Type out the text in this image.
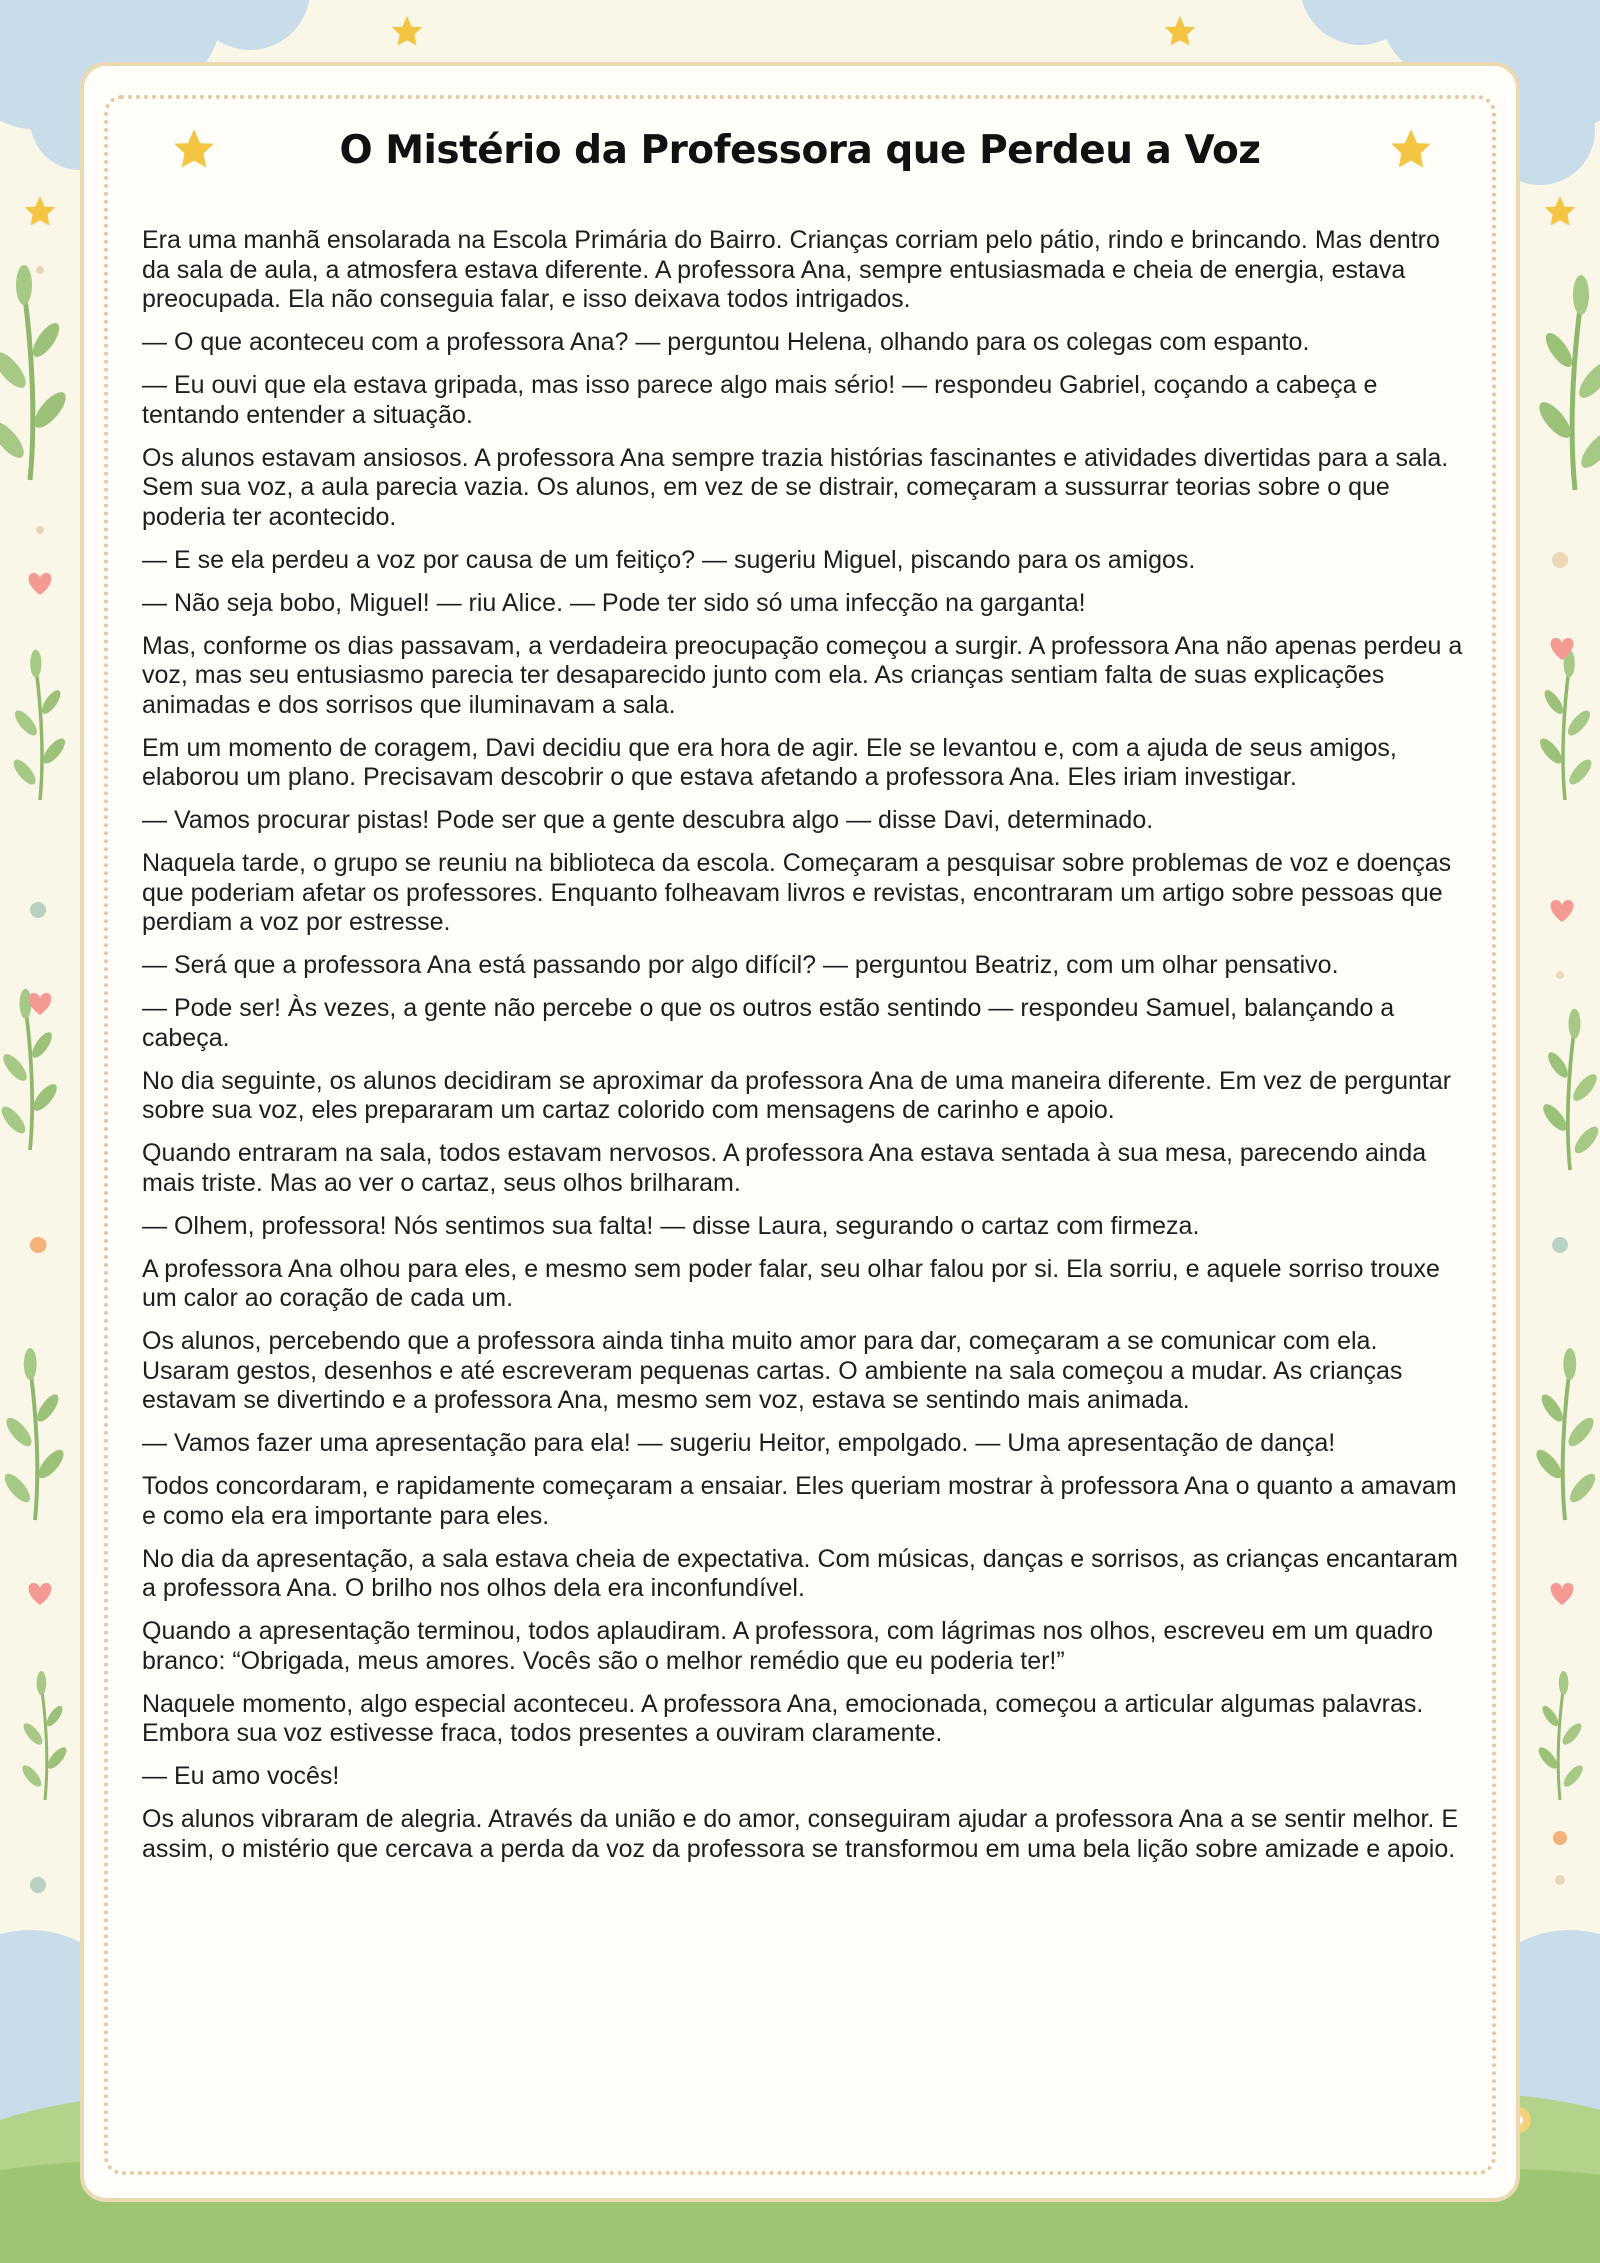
O Mistério da Professora que Perdeu a Voz

Era uma manhã ensolarada na Escola Primária do Bairro. Crianças corriam pelo pátio, rindo e brincando. Mas dentro da sala de aula, a atmosfera estava diferente. A professora Ana, sempre entusiasmada e cheia de energia, estava preocupada. Ela não conseguia falar, e isso deixava todos intrigados.

— O que aconteceu com a professora Ana? — perguntou Helena, olhando para os colegas com espanto.

— Eu ouvi que ela estava gripada, mas isso parece algo mais sério! — respondeu Gabriel, coçando a cabeça e tentando entender a situação.

Os alunos estavam ansiosos. A professora Ana sempre trazia histórias fascinantes e atividades divertidas para a sala. Sem sua voz, a aula parecia vazia. Os alunos, em vez de se distrair, começaram a sussurrar teorias sobre o que poderia ter acontecido.

— E se ela perdeu a voz por causa de um feitiço? — sugeriu Miguel, piscando para os amigos.

— Não seja bobo, Miguel! — riu Alice. — Pode ter sido só uma infecção na garganta!

Mas, conforme os dias passavam, a verdadeira preocupação começou a surgir. A professora Ana não apenas perdeu a voz, mas seu entusiasmo parecia ter desaparecido junto com ela. As crianças sentiam falta de suas explicações animadas e dos sorrisos que iluminavam a sala.

Em um momento de coragem, Davi decidiu que era hora de agir. Ele se levantou e, com a ajuda de seus amigos, elaborou um plano. Precisavam descobrir o que estava afetando a professora Ana. Eles iriam investigar.

— Vamos procurar pistas! Pode ser que a gente descubra algo — disse Davi, determinado.

Naquela tarde, o grupo se reuniu na biblioteca da escola. Começaram a pesquisar sobre problemas de voz e doenças que poderiam afetar os professores. Enquanto folheavam livros e revistas, encontraram um artigo sobre pessoas que perdiam a voz por estresse.

— Será que a professora Ana está passando por algo difícil? — perguntou Beatriz, com um olhar pensativo.

— Pode ser! Às vezes, a gente não percebe o que os outros estão sentindo — respondeu Samuel, balançando a cabeça.

No dia seguinte, os alunos decidiram se aproximar da professora Ana de uma maneira diferente. Em vez de perguntar sobre sua voz, eles prepararam um cartaz colorido com mensagens de carinho e apoio.

Quando entraram na sala, todos estavam nervosos. A professora Ana estava sentada à sua mesa, parecendo ainda mais triste. Mas ao ver o cartaz, seus olhos brilharam.

— Olhem, professora! Nós sentimos sua falta! — disse Laura, segurando o cartaz com firmeza.

A professora Ana olhou para eles, e mesmo sem poder falar, seu olhar falou por si. Ela sorriu, e aquele sorriso trouxe um calor ao coração de cada um.

Os alunos, percebendo que a professora ainda tinha muito amor para dar, começaram a se comunicar com ela. Usaram gestos, desenhos e até escreveram pequenas cartas. O ambiente na sala começou a mudar. As crianças estavam se divertindo e a professora Ana, mesmo sem voz, estava se sentindo mais animada.

— Vamos fazer uma apresentação para ela! — sugeriu Heitor, empolgado. — Uma apresentação de dança!

Todos concordaram, e rapidamente começaram a ensaiar. Eles queriam mostrar à professora Ana o quanto a amavam e como ela era importante para eles.

No dia da apresentação, a sala estava cheia de expectativa. Com músicas, danças e sorrisos, as crianças encantaram a professora Ana. O brilho nos olhos dela era inconfundível.

Quando a apresentação terminou, todos aplaudiram. A professora, com lágrimas nos olhos, escreveu em um quadro branco: “Obrigada, meus amores. Vocês são o melhor remédio que eu poderia ter!”

Naquele momento, algo especial aconteceu. A professora Ana, emocionada, começou a articular algumas palavras. Embora sua voz estivesse fraca, todos presentes a ouviram claramente.

— Eu amo vocês!

Os alunos vibraram de alegria. Através da união e do amor, conseguiram ajudar a professora Ana a se sentir melhor. E assim, o mistério que cercava a perda da voz da professora se transformou em uma bela lição sobre amizade e apoio.
